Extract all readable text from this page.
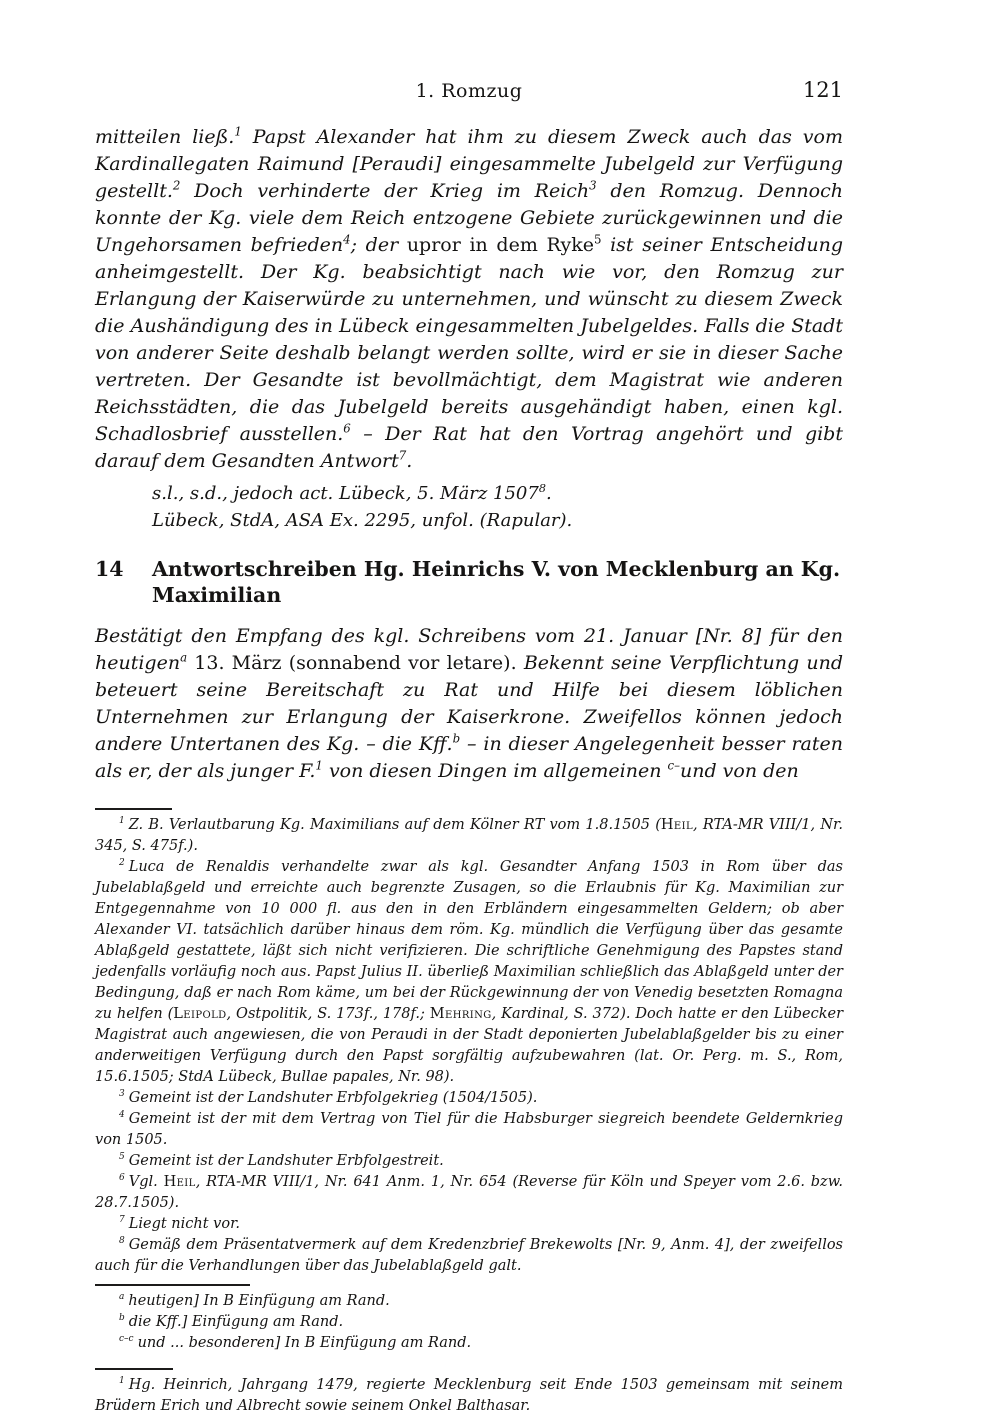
1. Romzug	121

mitteilen ließ.$^1$ Papst Alexander hat ihm zu diesem Zweck auch das vom Kardinallegaten Raimund [Peraudi] eingesammelte Jubelgeld zur Verfügung gestellt.$^2$ Doch verhinderte der Krieg im Reich$^3$ den Romzug. Dennoch konnte der Kg. viele dem Reich entzogene Gebiete zurückgewinnen und die Ungehorsamen befrieden$^4$; der upror in dem Ryke$^5$ ist seiner Entscheidung anheimgestellt. Der Kg. beabsichtigt nach wie vor, den Romzug zur Erlangung der Kaiserwürde zu unternehmen, und wünscht zu diesem Zweck die Aushändigung des in Lübeck eingesammelten Jubelgeldes. Falls die Stadt von anderer Seite deshalb belangt werden sollte, wird er sie in dieser Sache vertreten. Der Gesandte ist bevollmächtigt, dem Magistrat wie anderen Reichsstädten, die das Jubelgeld bereits ausgehändigt haben, einen kgl. Schadlosbrief ausstellen.$^6$ – Der Rat hat den Vortrag angehört und gibt darauf dem Gesandten Antwort$^7$.

s.l., s.d., jedoch act. Lübeck, 5. März 1507$^8$.

Lübeck, StdA, ASA Ex. 2295, unfol. (Rapular).

14	Antwortschreiben Hg. Heinrichs V. von Mecklenburg an Kg. Maximilian

Bestätigt den Empfang des kgl. Schreibens vom 21. Januar [Nr. 8] für den heutigen$^a$ 13. März (sonnabend vor letare). Bekennt seine Verpflichtung und beteuert seine Bereitschaft zu Rat und Hilfe bei diesem löblichen Unternehmen zur Erlangung der Kaiserkrone. Zweifellos können jedoch andere Untertanen des Kg. – die Kff.$^b$ – in dieser Angelegenheit besser raten als er, der als junger F.$^1$ von diesen Dingen im allgemeinen $^{c-}$und von den

$^1$ Z. B. Verlautbarung Kg. Maximilians auf dem Kölner RT vom 1.8.1505 (Heil, RTA-MR VIII/1, Nr. 345, S. 475f.).

$^2$ Luca de Renaldis verhandelte zwar als kgl. Gesandter Anfang 1503 in Rom über das Jubelablaßgeld und erreichte auch begrenzte Zusagen, so die Erlaubnis für Kg. Maximilian zur Entgegennahme von 10 000 fl. aus den in den Erbländern eingesammelten Geldern; ob aber Alexander VI. tatsächlich darüber hinaus dem röm. Kg. mündlich die Verfügung über das gesamte Ablaßgeld gestattete, läßt sich nicht verifizieren. Die schriftliche Genehmigung des Papstes stand jedenfalls vorläufig noch aus. Papst Julius II. überließ Maximilian schließlich das Ablaßgeld unter der Bedingung, daß er nach Rom käme, um bei der Rückgewinnung der von Venedig besetzten Romagna zu helfen (Leipold, Ostpolitik, S. 173f., 178f.; Mehring, Kardinal, S. 372). Doch hatte er den Lübecker Magistrat auch angewiesen, die von Peraudi in der Stadt deponierten Jubelablaßgelder bis zu einer anderweitigen Verfügung durch den Papst sorgfältig aufzubewahren (lat. Or. Perg. m. S., Rom, 15.6.1505; StdA Lübeck, Bullae papales, Nr. 98).

$^3$ Gemeint ist der Landshuter Erbfolgekrieg (1504/1505).

$^4$ Gemeint ist der mit dem Vertrag von Tiel für die Habsburger siegreich beendete Geldernkrieg von 1505.

$^5$ Gemeint ist der Landshuter Erbfolgestreit.

$^6$ Vgl. Heil, RTA-MR VIII/1, Nr. 641 Anm. 1, Nr. 654 (Reverse für Köln und Speyer vom 2.6. bzw. 28.7.1505).

$^7$ Liegt nicht vor.

$^8$ Gemäß dem Präsentatvermerk auf dem Kredenzbrief Brekewolts [Nr. 9, Anm. 4], der zweifellos auch für die Verhandlungen über das Jubelablaßgeld galt.

$^a$ heutigen] In B Einfügung am Rand.

$^b$ die Kff.] Einfügung am Rand.

$^{c-c}$ und ... besonderen] In B Einfügung am Rand.

$^1$ Hg. Heinrich, Jahrgang 1479, regierte Mecklenburg seit Ende 1503 gemeinsam mit seinem Brüdern Erich und Albrecht sowie seinem Onkel Balthasar.
